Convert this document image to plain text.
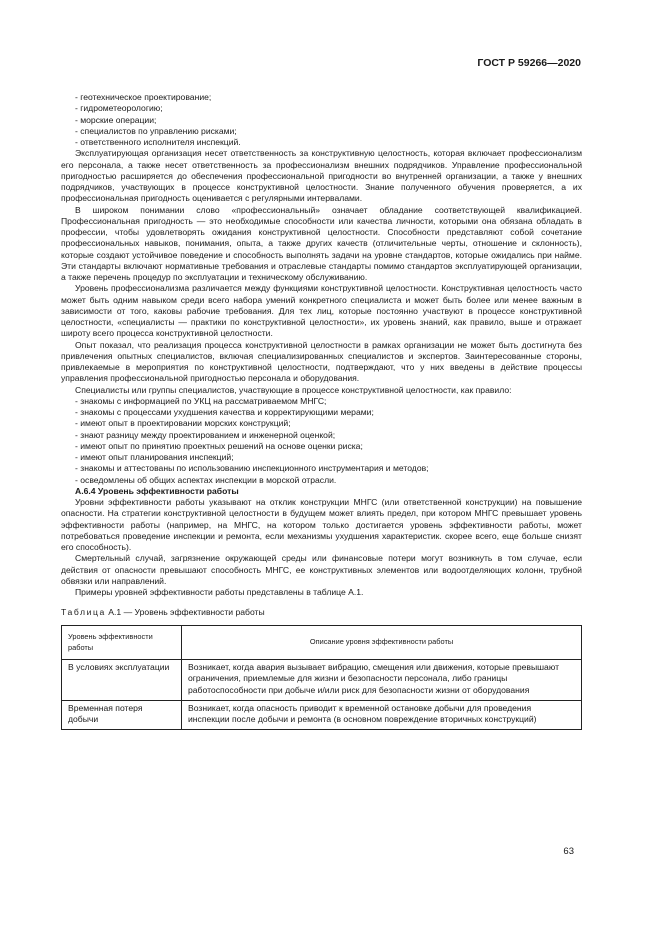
ГОСТ Р 59266—2020

- геотехническое проектирование;

- гидрометеорологию;

- морские операции;

- специалистов по управлению рисками;

- ответственного исполнителя инспекций.

Эксплуатирующая организация несет ответственность за конструктивную целостность, которая включает профессионализм его персонала, а также несет ответственность за профессионализм внешних подрядчиков. Управление профессиональной пригодностью расширяется до обеспечения профессиональной пригодности во внутренней организации, а также у внешних подрядчиков, участвующих в процессе конструктивной целостности. Знание полученного обучения проверяется, а их профессиональная пригодность оценивается с регулярными интервалами.

В широком понимании слово «профессиональный» означает обладание соответствующей квалификацией. Профессиональная пригодность — это необходимые способности или качества личности, которыми она обязана обладать в профессии, чтобы удовлетворять ожидания конструктивной целостности. Способности представляют собой сочетание профессиональных навыков, понимания, опыта, а также других качеств (отличительные черты, отношение и склонность), которые создают устойчивое поведение и способность выполнять задачи на уровне стандартов, которые ожидались при найме. Эти стандарты включают нормативные требования и отраслевые стандарты помимо стандартов эксплуатирующей организации, а также перечень процедур по эксплуатации и техническому обслуживанию.

Уровень профессионализма различается между функциями конструктивной целостности. Конструктивная целостность часто может быть одним навыком среди всего набора умений конкретного специалиста и может быть более или менее важным в зависимости от того, каковы рабочие требования. Для тех лиц, которые постоянно участвуют в процессе конструктивной целостности, «специалисты — практики по конструктивной целостности», их уровень знаний, как правило, выше и отражает широту всего процесса конструктивной целостности.

Опыт показал, что реализация процесса конструктивной целостности в рамках организации не может быть достигнута без привлечения опытных специалистов, включая специализированных специалистов и экспертов. Заинтересованные стороны, привлекаемые в мероприятия по конструктивной целостности, подтверждают, что у них введены в действие процессы управления профессиональной пригодностью персонала и оборудования.

Специалисты или группы специалистов, участвующие в процессе конструктивной целостности, как правило:

- знакомы с информацией по УКЦ на рассматриваемом МНГС;

- знакомы с процессами ухудшения качества и корректирующими мерами;

- имеют опыт в проектировании морских конструкций;

- знают разницу между проектированием и инженерной оценкой;

- имеют опыт по принятию проектных решений на основе оценки риска;

- имеют опыт планирования инспекций;

- знакомы и аттестованы по использованию инспекционного инструментария и методов;

- осведомлены об общих аспектах инспекции в морской отрасли.

А.6.4 Уровень эффективности работы

Уровни эффективности работы указывают на отклик конструкции МНГС (или ответственной конструкции) на повышение опасности. На стратегии конструктивной целостности в будущем может влиять предел, при котором МНГС превышает уровень эффективности работы (например, на МНГС, на котором только достигается уровень эффективности работы, может потребоваться проведение инспекции и ремонта, если механизмы ухудшения характеристик. скорее всего, еще больше снизят его способность).

Смертельный случай, загрязнение окружающей среды или финансовые потери могут возникнуть в том случае, если действия от опасности превышают способность МНГС, ее конструктивных элементов или водоотделяющих колонн, трубной обвязки или направлений.

Примеры уровней эффективности работы представлены в таблице А.1.

Таблица А.1 — Уровень эффективности работы
Уровень эффективности работы	Описание уровня эффективности работы
В условиях эксплуатации	Возникает, когда авария вызывает вибрацию, смещения или движения, которые превышают ограничения, приемлемые для жизни и безопасности персонала, либо границы работоспособности при добыче и/или риск для безопасности жизни от оборудования
Временная потеря добычи	Возникает, когда опасность приводит к временной остановке добычи для проведения инспекции после добычи и ремонта (в основном повреждение вторичных конструкций)
63
